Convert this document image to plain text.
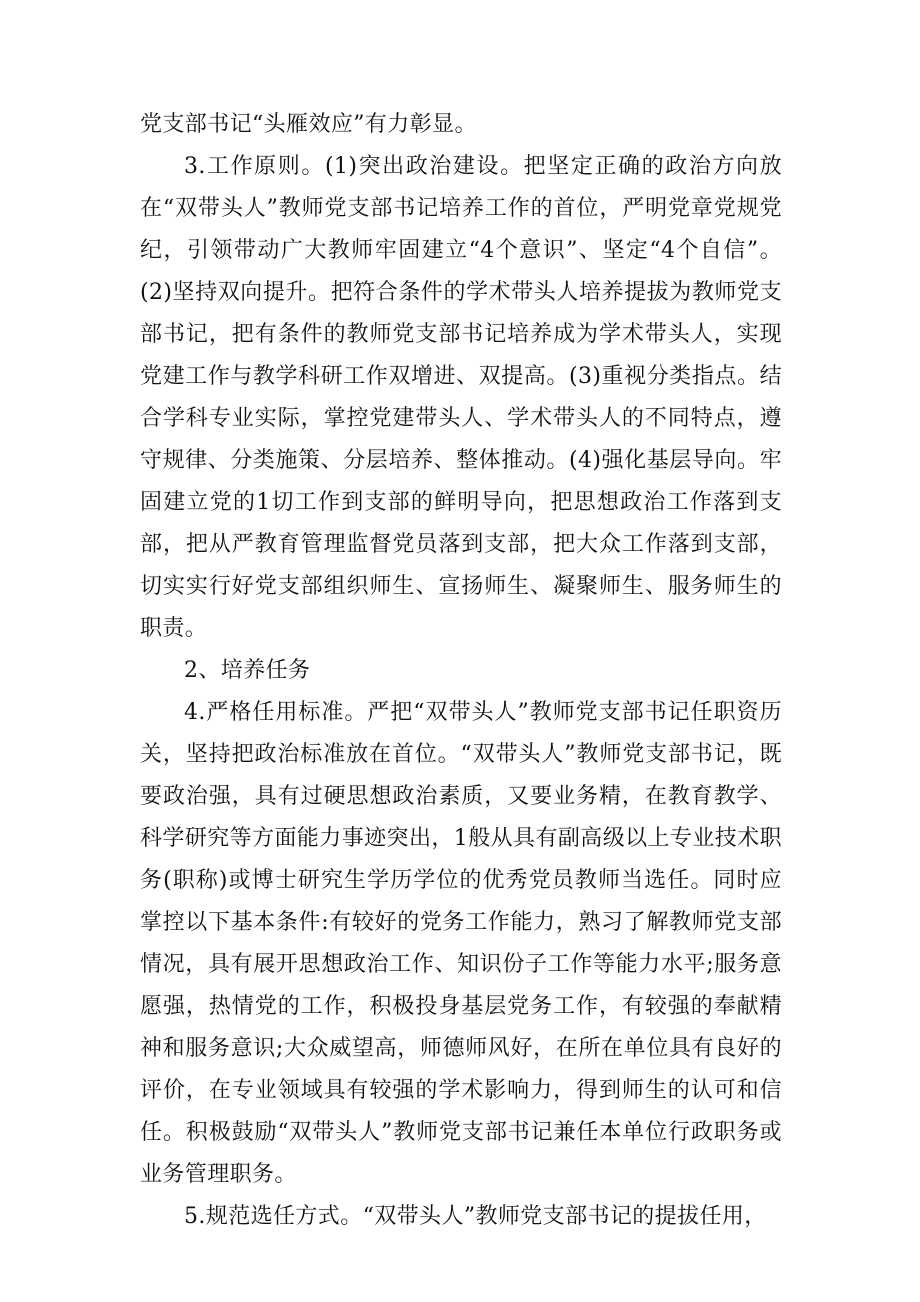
党支部书记“头雁效应”有力彰显。

3.工作原则。(1)突出政治建设。把坚定正确的政治方向放在“双带头人”教师党支部书记培养工作的首位，严明党章党规党纪，引领带动广大教师牢固建立“4个意识”、坚定“4个自信”。(2)坚持双向提升。把符合条件的学术带头人培养提拔为教师党支部书记，把有条件的教师党支部书记培养成为学术带头人，实现党建工作与教学科研工作双增进、双提高。(3)重视分类指点。结合学科专业实际，掌控党建带头人、学术带头人的不同特点，遵守规律、分类施策、分层培养、整体推动。(4)强化基层导向。牢固建立党的1切工作到支部的鲜明导向，把思想政治工作落到支部，把从严教育管理监督党员落到支部，把大众工作落到支部，切实实行好党支部组织师生、宣扬师生、凝聚师生、服务师生的职责。

2、培养任务

4.严格任用标准。严把“双带头人”教师党支部书记任职资历关，坚持把政治标准放在首位。“双带头人”教师党支部书记，既要政治强，具有过硬思想政治素质，又要业务精，在教育教学、科学研究等方面能力事迹突出，1般从具有副高级以上专业技术职务(职称)或博士研究生学历学位的优秀党员教师当选任。同时应掌控以下基本条件:有较好的党务工作能力，熟习了解教师党支部情况，具有展开思想政治工作、知识份子工作等能力水平;服务意愿强，热情党的工作，积极投身基层党务工作，有较强的奉献精神和服务意识;大众威望高，师德师风好，在所在单位具有良好的评价，在专业领域具有较强的学术影响力，得到师生的认可和信任。积极鼓励“双带头人”教师党支部书记兼任本单位行政职务或业务管理职务。

5.规范选任方式。“双带头人”教师党支部书记的提拔任用，
